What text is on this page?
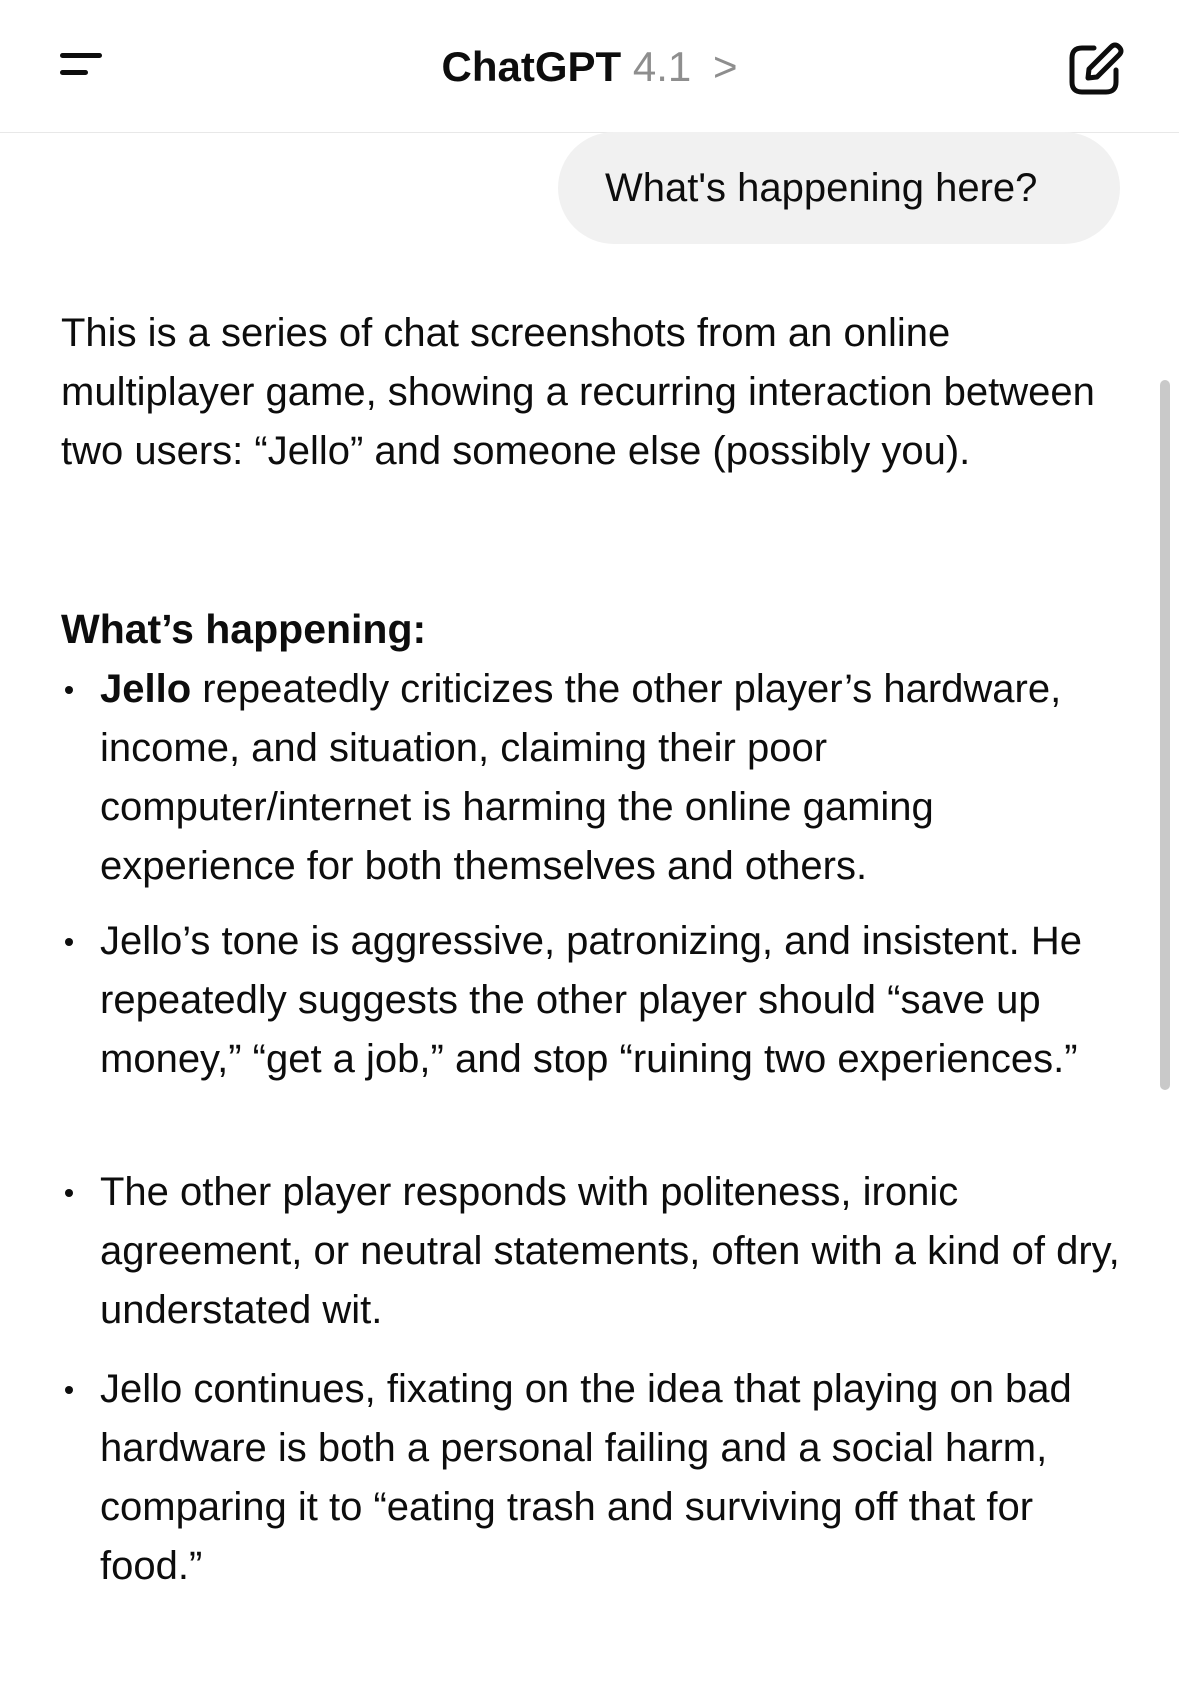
ChatGPT 4.1 >
What's happening here?

This is a series of chat screenshots from an online multiplayer game, showing a recurring interaction between two users: “Jello” and someone else (possibly you).

What’s happening:
Jello repeatedly criticizes the other player’s hardware, income, and situation, claiming their poor computer/internet is harming the online gaming experience for both themselves and others.
Jello’s tone is aggressive, patronizing, and insistent. He repeatedly suggests the other player should “save up money,” “get a job,” and stop “ruining two experiences.”
The other player responds with politeness, ironic agreement, or neutral statements, often with a kind of dry, understated wit.
Jello continues, fixating on the idea that playing on bad hardware is both a personal failing and a social harm, comparing it to “eating trash and surviving off that for food.”
